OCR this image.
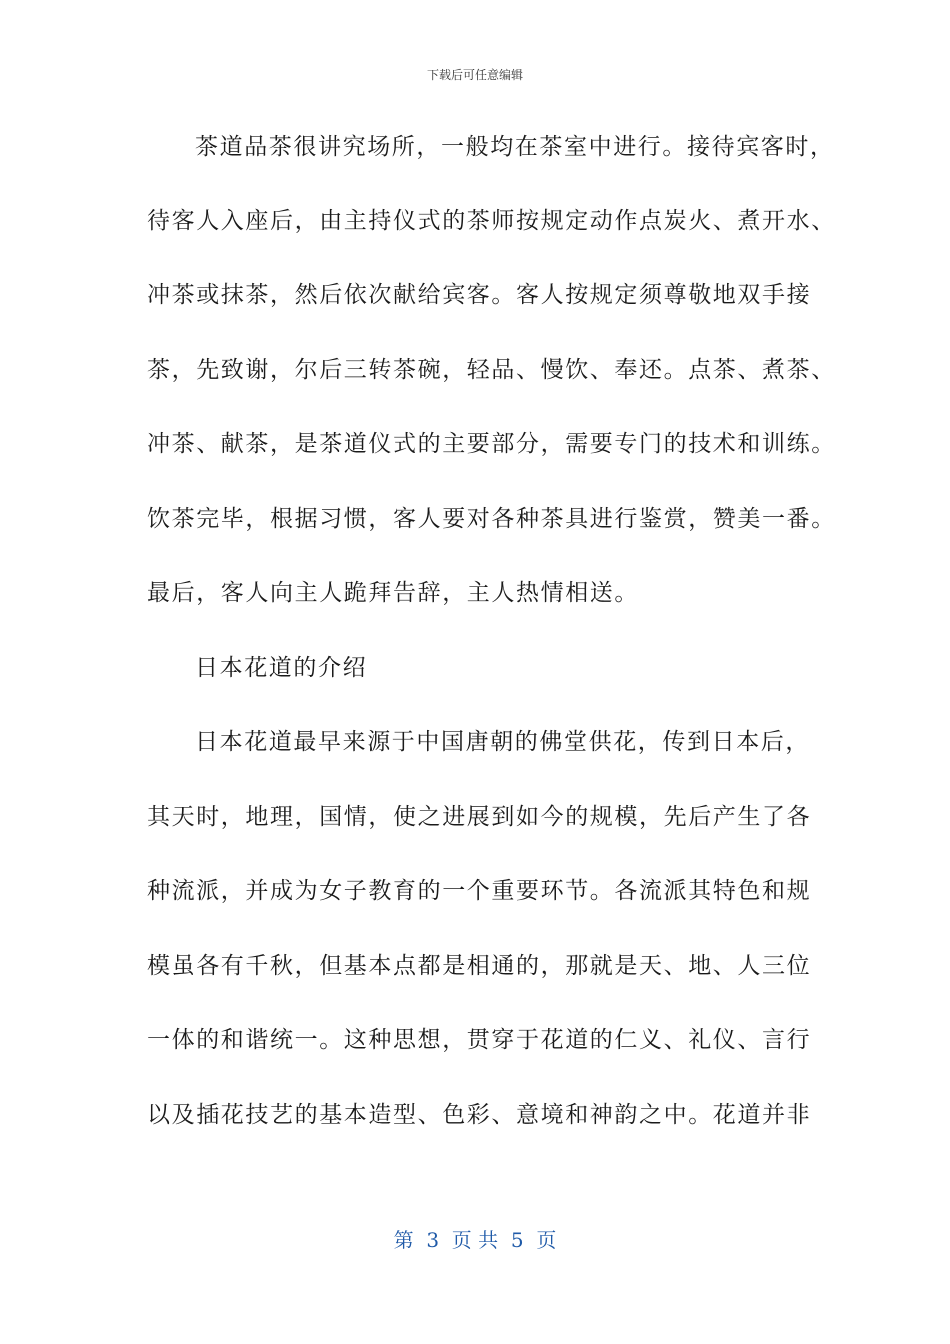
下载后可任意编辑
茶道品茶很讲究场所，一般均在茶室中进行。接待宾客时，
待客人入座后，由主持仪式的茶师按规定动作点炭火、煮开水、
冲茶或抹茶，然后依次献给宾客。客人按规定须尊敬地双手接
茶，先致谢，尔后三转茶碗，轻品、慢饮、奉还。点茶、煮茶、
冲茶、献茶，是茶道仪式的主要部分，需要专门的技术和训练。
饮茶完毕，根据习惯，客人要对各种茶具进行鉴赏，赞美一番。
最后，客人向主人跪拜告辞，主人热情相送。
日本花道的介绍
日本花道最早来源于中国唐朝的佛堂供花，传到日本后，
其天时，地理，国情，使之进展到如今的规模，先后产生了各
种流派，并成为女子教育的一个重要环节。各流派其特色和规
模虽各有千秋，但基本点都是相通的，那就是天、地、人三位
一体的和谐统一。这种思想，贯穿于花道的仁义、礼仪、言行
以及插花技艺的基本造型、色彩、意境和神韵之中。花道并非
第  3  页 共  5  页
